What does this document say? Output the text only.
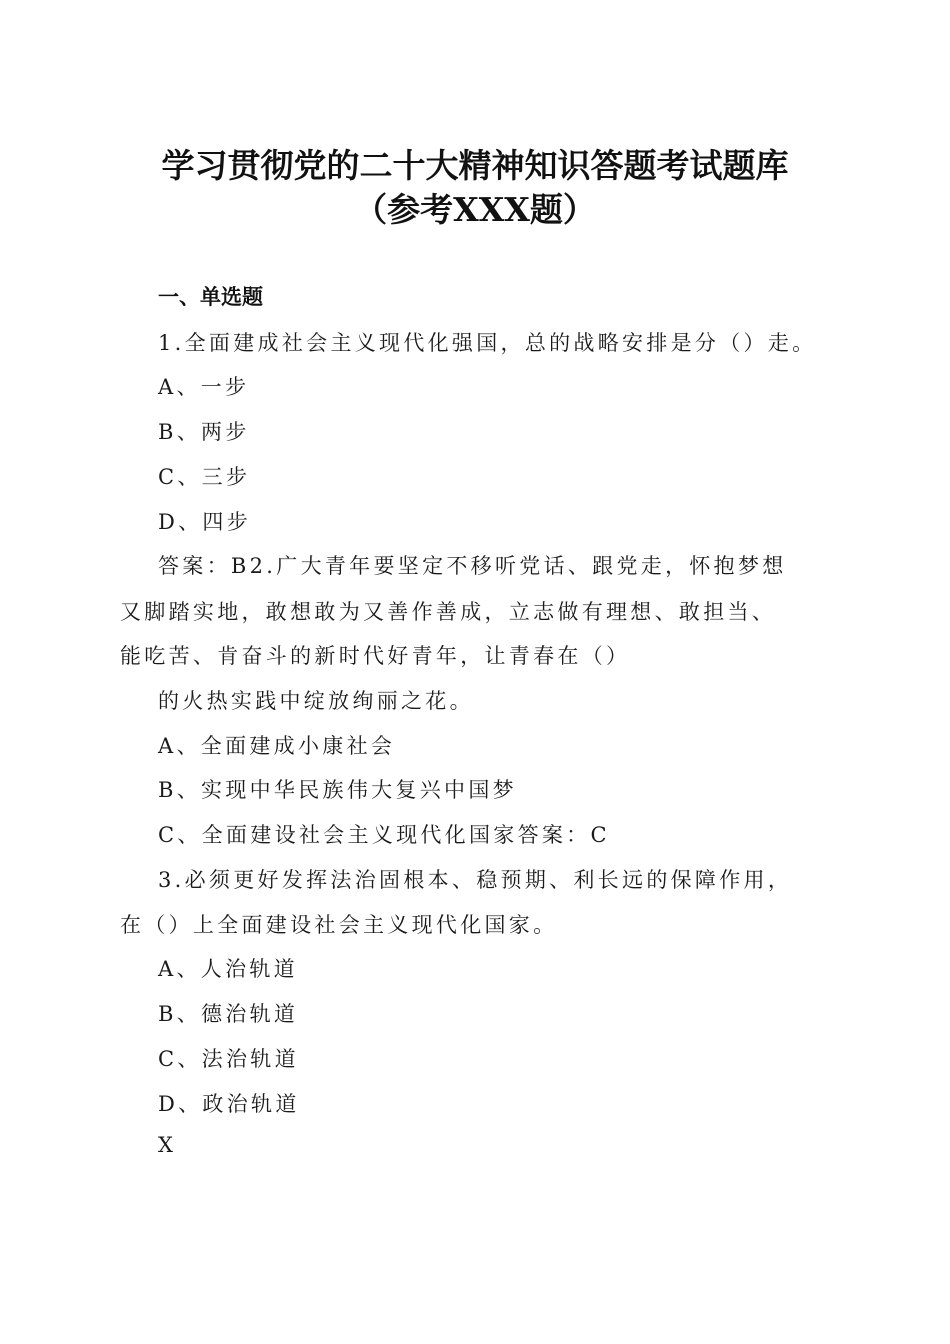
学习贯彻党的二十大精神知识答题考试题库
（参考XXX题）
一、单选题
1.全面建成社会主义现代化强国，总的战略安排是分（）走。
A、一步
B、两步
C、三步
D、四步
答案：B2.广大青年要坚定不移听党话、跟党走，怀抱梦想
又脚踏实地，敢想敢为又善作善成，立志做有理想、敢担当、
能吃苦、肯奋斗的新时代好青年，让青春在（）
的火热实践中绽放绚丽之花。
A、全面建成小康社会
B、实现中华民族伟大复兴中国梦
C、全面建设社会主义现代化国家答案：C
3.必须更好发挥法治固根本、稳预期、利长远的保障作用，
在（）上全面建设社会主义现代化国家。
A、人治轨道
B、德治轨道
C、法治轨道
D、政治轨道
X
